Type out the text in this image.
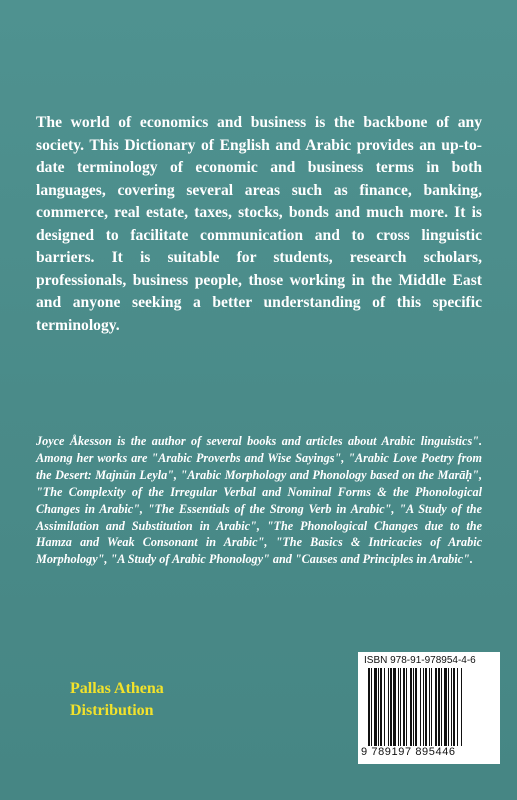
The world of economics and business is the backbone of any society. This Dictionary of English and Arabic provides an up-to-date terminology of economic and business terms in both languages, covering several areas such as finance, banking, commerce, real estate, taxes, stocks, bonds and much more. It is designed to facilitate communication and to cross linguistic barriers. It is suitable for students, research scholars, professionals, business people, those working in the Middle East and anyone seeking a better understanding of this specific terminology.

Joyce Åkesson is the author of several books and articles about Arabic linguistics". Among her works are "Arabic Proverbs and Wise Sayings", "Arabic Love Poetry from the Desert: Majnūn Leyla", "Arabic Morphology and Phonology based on the Marāḥ", "The Complexity of the Irregular Verbal and Nominal Forms & the Phonological Changes in Arabic", "The Essentials of the Strong Verb in Arabic", "A Study of the Assimilation and Substitution in Arabic", "The Phonological Changes due to the Hamza and Weak Consonant in Arabic", "The Basics & Intricacies of Arabic Morphology", "A Study of Arabic Phonology" and "Causes and Principles in Arabic".

Pallas Athena
Distribution
ISBN 978-91-978954-4-6
9 789197 895446
